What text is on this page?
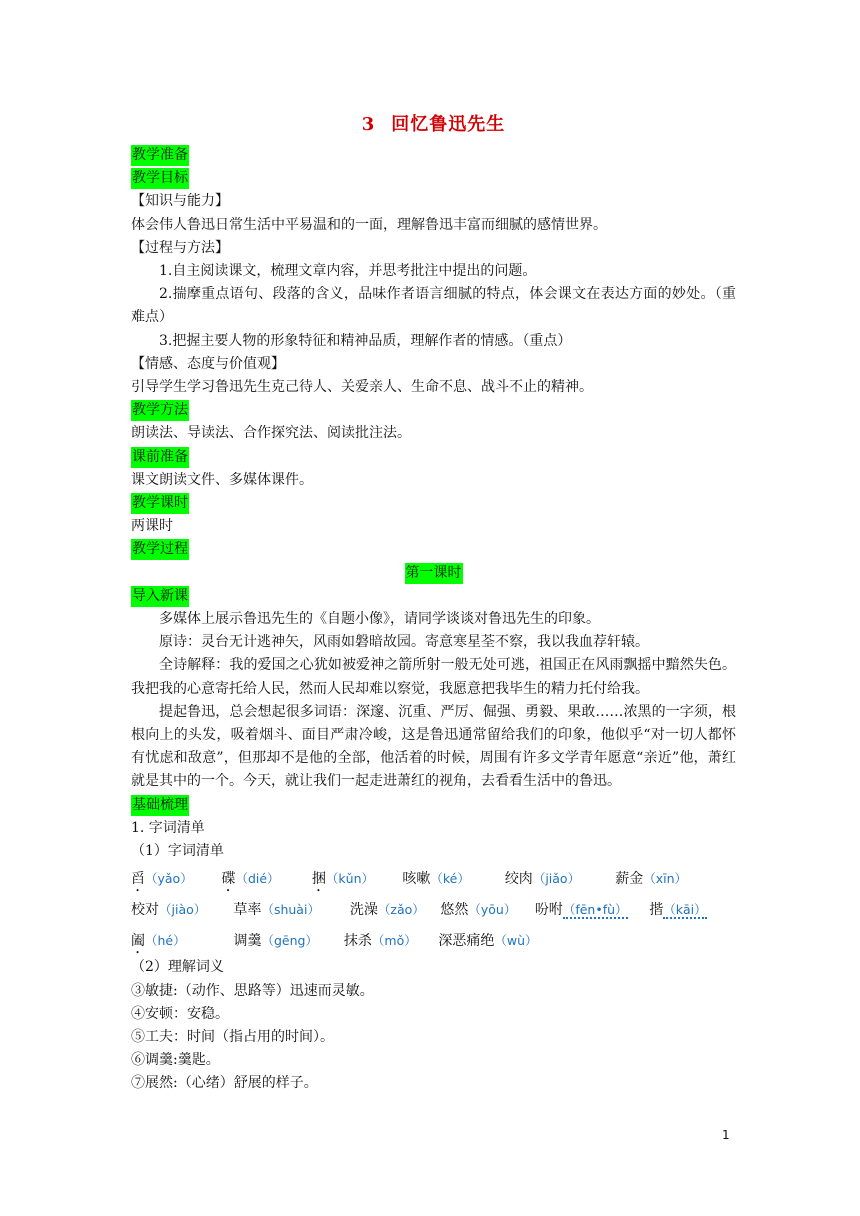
3 回忆鲁迅先生
教学准备
教学目标
【知识与能力】
体会伟人鲁迅日常生活中平易温和的一面，理解鲁迅丰富而细腻的感情世界。
【过程与方法】
1.自主阅读课文，梳理文章内容，并思考批注中提出的问题。
2.揣摩重点语句、段落的含义，品味作者语言细腻的特点，体会课文在表达方面的妙处。（重难点）
3.把握主要人物的形象特征和精神品质，理解作者的情感。（重点）
【情感、态度与价值观】
引导学生学习鲁迅先生克己待人、关爱亲人、生命不息、战斗不止的精神。
教学方法
朗读法、导读法、合作探究法、阅读批注法。
课前准备
课文朗读文件、多媒体课件。
教学课时
两课时
教学过程
第一课时
导入新课
多媒体上展示鲁迅先生的《自题小像》，请同学谈谈对鲁迅先生的印象。
原诗：灵台无计逃神矢，风雨如磐暗故园。寄意寒星荃不察，我以我血荐轩辕。
全诗解释：我的爱国之心犹如被爱神之箭所射一般无处可逃，祖国正在风雨飘摇中黯然失色。我把我的心意寄托给人民，然而人民却难以察觉，我愿意把我毕生的精力托付给我。
提起鲁迅，总会想起很多词语：深邃、沉重、严厉、倔强、勇毅、果敢……浓黑的一字须，根根向上的头发，吸着烟斗、面目严肃冷峻，这是鲁迅通常留给我们的印象，他似乎“对一切人都怀有忧虑和敌意”，但那却不是他的全部，他活着的时候，周围有许多文学青年愿意“亲近”他，萧红就是其中的一个。今天，就让我们一起走进萧红的视角，去看看生活中的鲁迅。
基础梳理
1. 字词清单
（1）字词清单
舀（yǎo） 碟（dié） 捆（kǔn） 咳嗽（ké） 绞肉（jiǎo）	薪金（xīn）
校对（jiào） 草率（shuài） 洗澡（zǎo） 悠然（yōu） 吩咐（fēn•fù） 揩（kāi）
阖（hé）	调羹（gēng） 抹杀（mǒ） 深恶痛绝（wù）
（2）理解词义
③敏捷:（动作、思路等）迅速而灵敏。
④安顿：安稳。
⑤工夫：时间（指占用的时间）。
⑥调羹:羹匙。
⑦展然:（心绪）舒展的样子。
1
